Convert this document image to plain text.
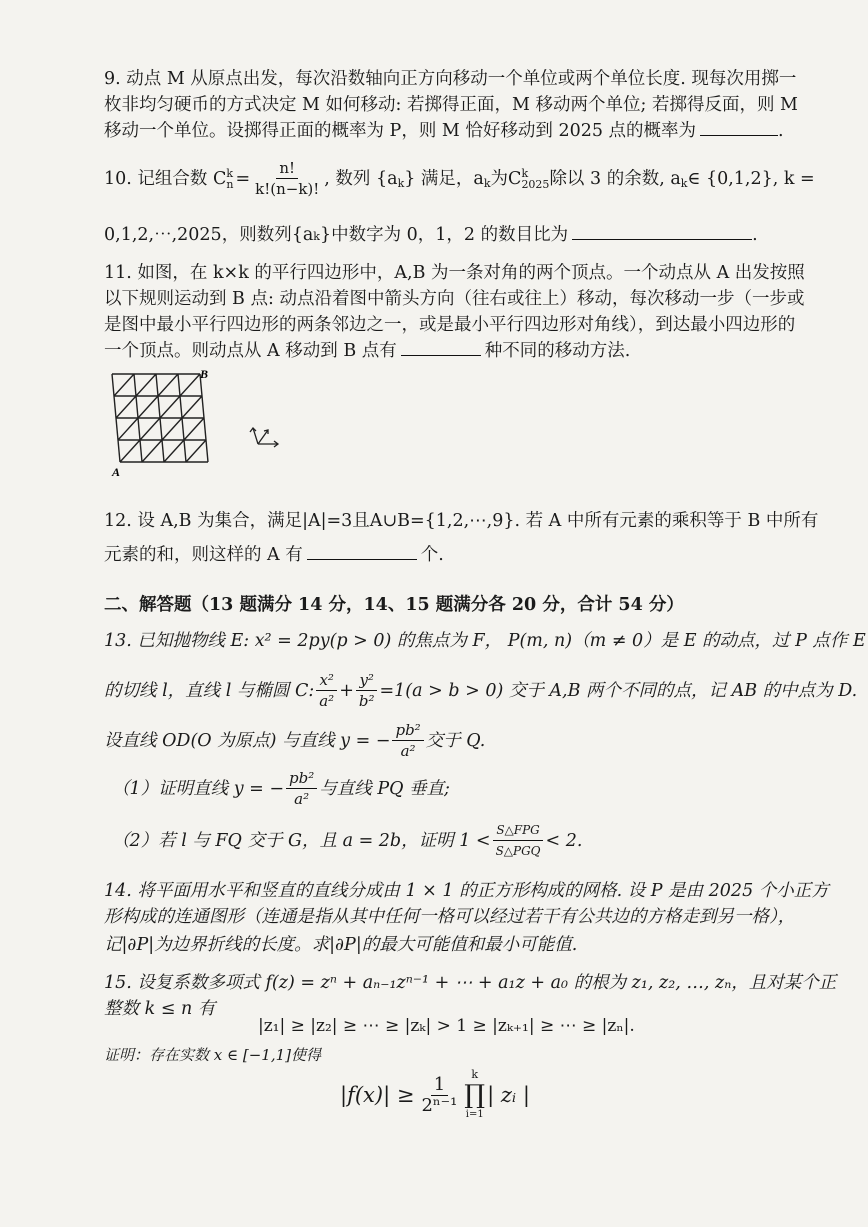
9. 动点 M 从原点出发，每次沿数轴向正方向移动一个单位或两个单位长度. 现每次用掷一
枚非均匀硬币的方式决定 M 如何移动: 若掷得正面，M 移动两个单位; 若掷得反面，则 M
移动一个单位。设掷得正面的概率为 P，则 M 恰好移动到 2025 点的概率为	.
10. 记组合数 C k
$n = \frac{n!}{k!(n-k)!}$ , 数列 {a k } 满足，a k 为C k
2025 除以 3 的余数, a k ∈ {0,1,2}, k =
0,1,2,⋯,2025，则数列{ak}中数字为 0，1，2 的数目比为	.
11. 如图，在 k×k 的平行四边形中，A,B 为一条对角的两个顶点。一个动点从 A 出发按照
以下规则运动到 B 点: 动点沿着图中箭头方向（往右或往上）移动，每次移动一步（一步或
是图中最小平行四边形的两条邻边之一，或是最小平行四边形对角线），到达最小四边形的
一个顶点。则动点从 A 移动到 B 点有	种不同的移动方法.
A
B
12. 设 A,B 为集合，满足|A|=3且A∪B={1,2,⋯,9}. 若 A 中所有元素的乘积等于 B 中所有
元素的和，则这样的 A 有	个.
二、解答题（13 题满分 14 分，14、15 题满分各 20 分，合计 54 分）
13. 已知抛物线 E: x² = 2py(p > 0) 的焦点为 F， P(m, n)（m ≠ 0）是 E 的动点，过 P 点作 E
的切线 l，直线 l 与椭圆 C: $\frac{\text{x²}}{\text{a²}} + \frac{\text{y²}}{\text{b²}} =1(a > b > 0)$ 交于 A,B 两个不同的点，记 AB 的中点为 D.
设直线 OD(O 为原点) 与直线 y = − $\frac{\text{pb²}}{\text{a²}}$ 交于 Q.
（1）证明直线 y = − $\frac{\text{pb²}}{\text{a²}}$ 与直线 PQ 垂直;
（2）若 l 与 FQ 交于 G，且 a = 2b，证明 $1 < \frac{\text{S△FPG}}{\text{S△PGQ}} < 2$.
14. 将平面用水平和竖直的直线分成由 1 × 1 的正方形构成的网格. 设 P 是由 2025 个小正方
形构成的连通图形（连通是指从其中任何一格可以经过若干有公共边的方格走到另一格），
记|∂P|为边界折线的长度。求|∂P|的最大可能值和最小可能值.
15. 设复系数多项式 f(z) = zⁿ + aₙ₋₁zⁿ⁻¹ + ⋯ + a₁z + a₀ 的根为 z₁, z₂, …, zₙ，且对某个正
整数 k ≤ n 有
|z₁| ≥ |z₂| ≥ ⋯ ≥ |zₖ| > 1 ≥ |zₖ₊₁| ≥ ⋯ ≥ |zₙ|.
证明：存在实数 x ∈ [−1,1]使得
$|f(x)| \ge \frac{1}{\text{2ⁿ⁻¹}}$ k
∏
i=1
| zᵢ |
